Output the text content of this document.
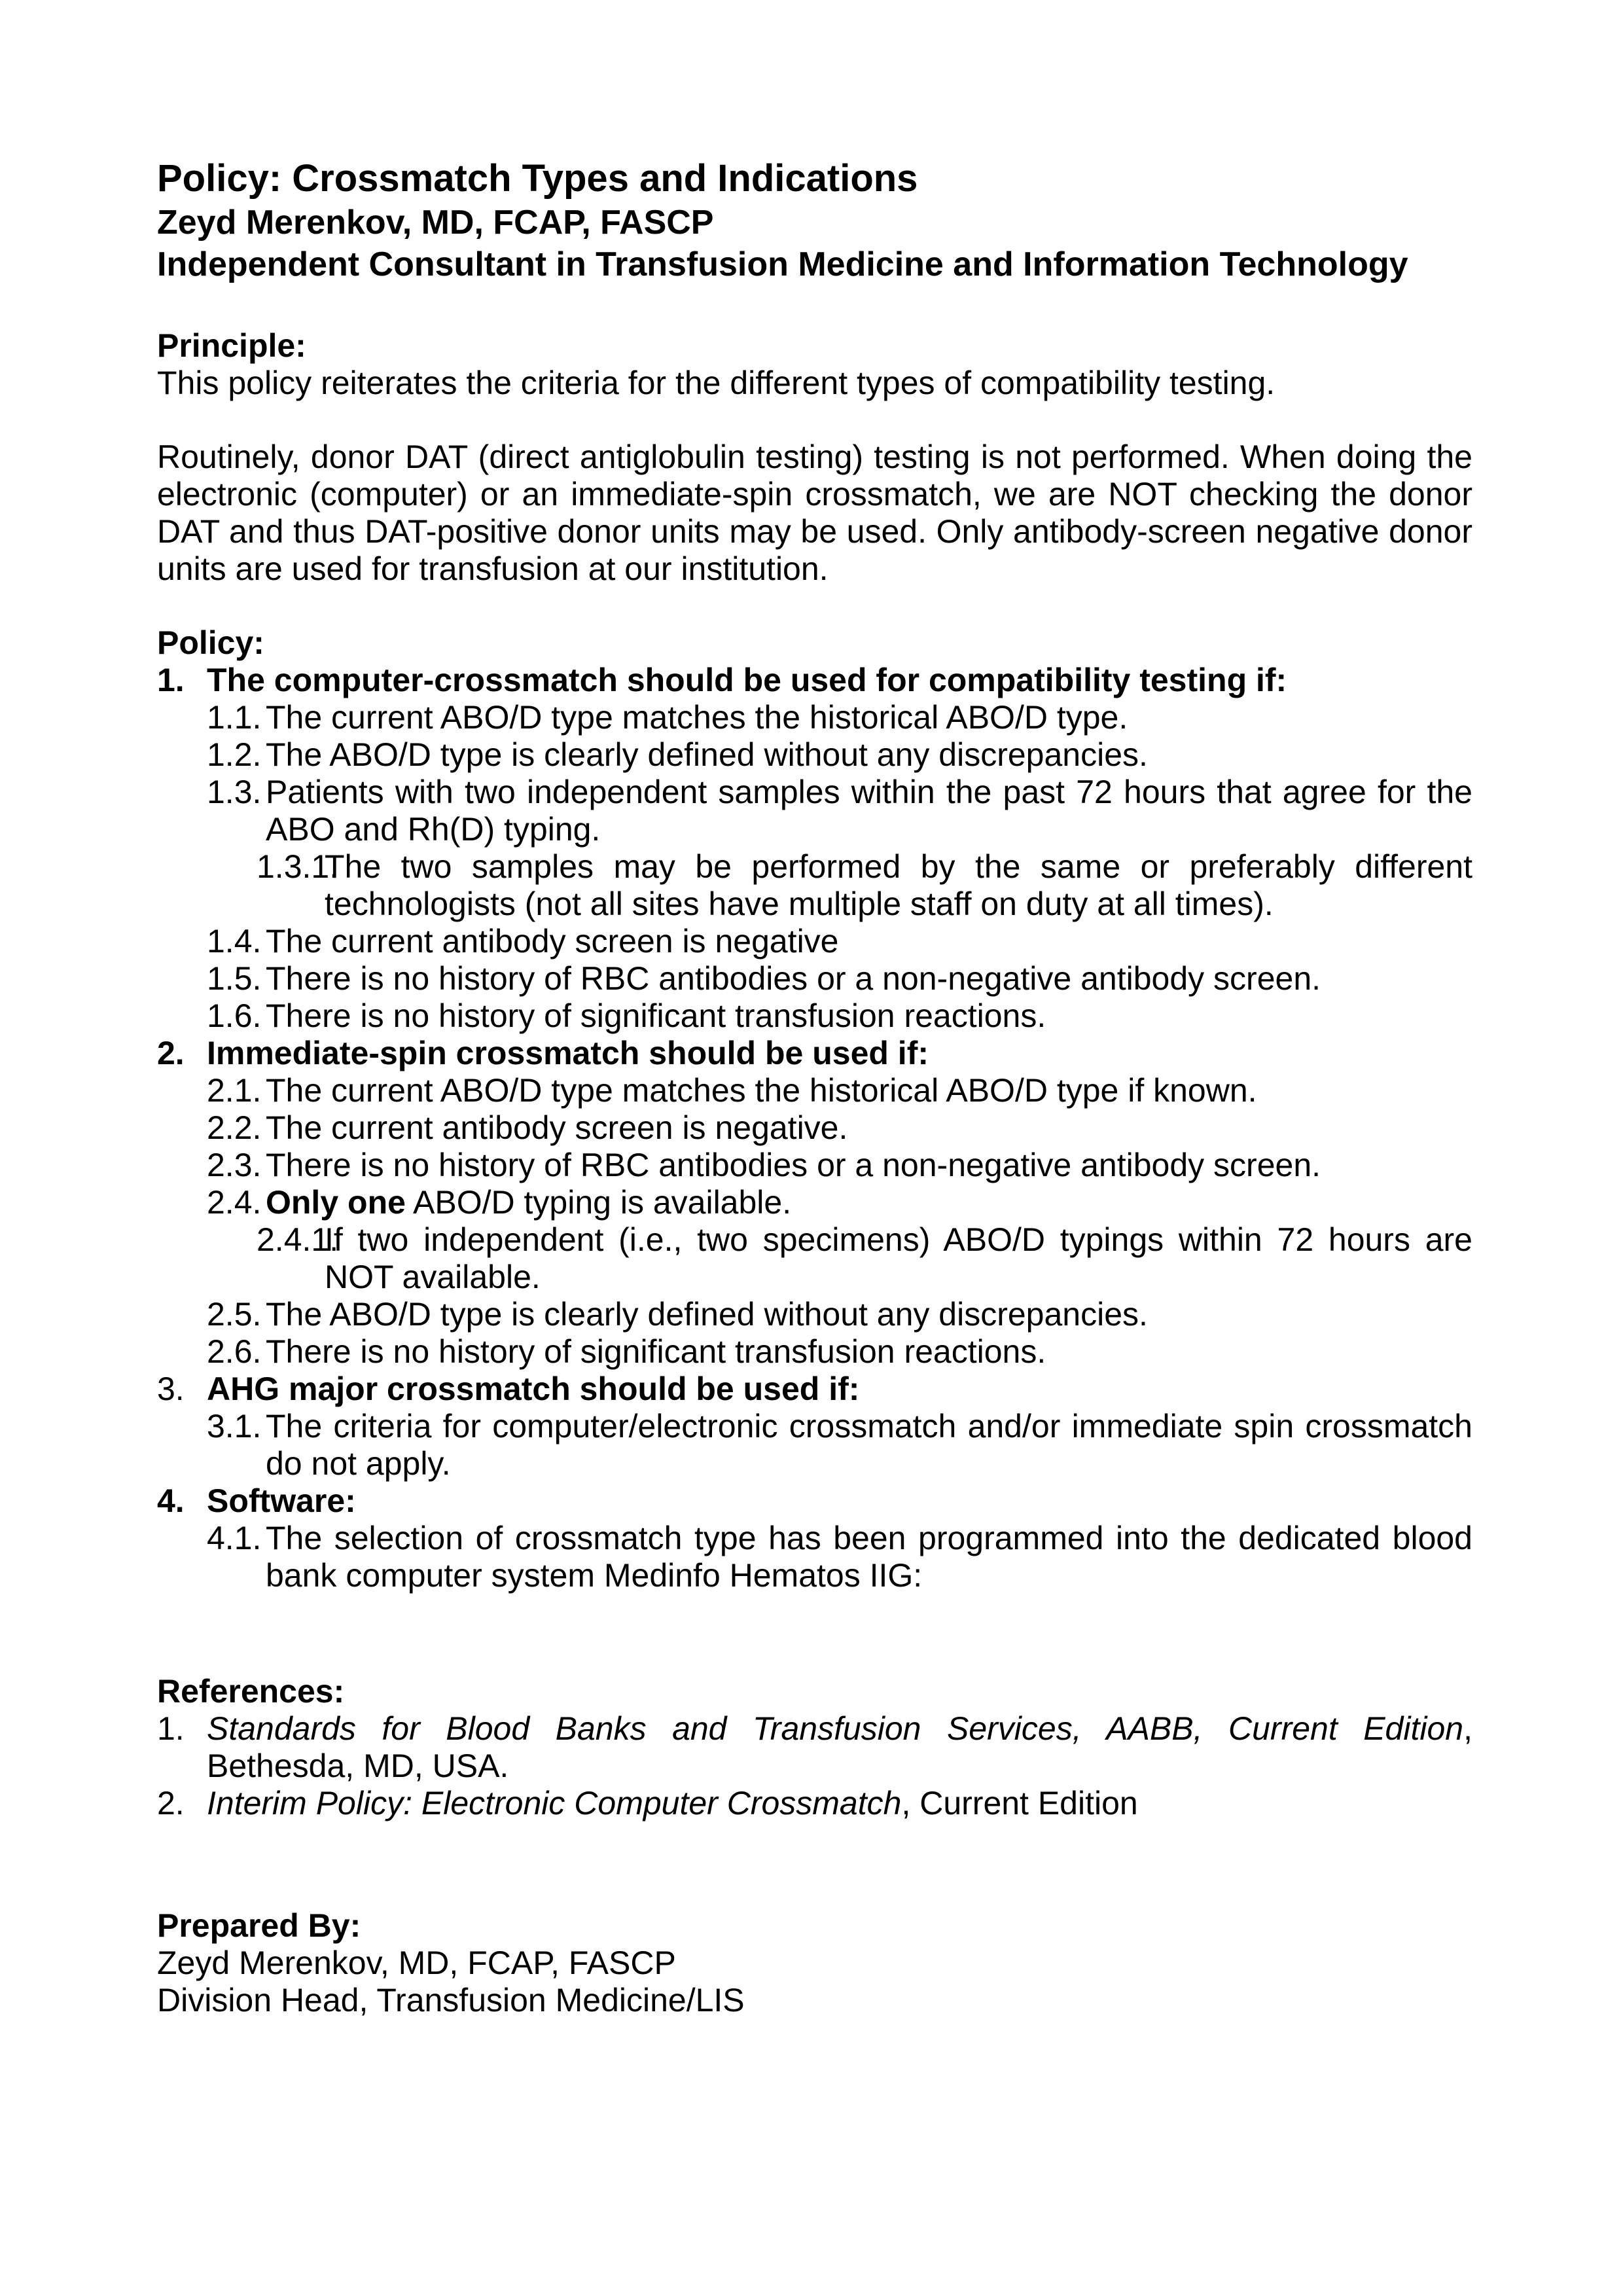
Policy: Crossmatch Types and Indications
Zeyd Merenkov, MD, FCAP, FASCP
Independent Consultant in Transfusion Medicine and Information Technology
Principle:
This policy reiterates the criteria for the different types of compatibility testing.
Routinely, donor DAT (direct antiglobulin testing) testing is not performed. When doing the electronic (computer) or an immediate-spin crossmatch, we are NOT checking the donor DAT and thus DAT-positive donor units may be used. Only antibody-screen negative donor units are used for transfusion at our institution.
Policy:
1. The computer-crossmatch should be used for compatibility testing if:
1.1. The current ABO/D type matches the historical ABO/D type.
1.2. The ABO/D type is clearly defined without any discrepancies.
1.3. Patients with two independent samples within the past 72 hours that agree for the ABO and Rh(D) typing.
1.3.1.
The two samples may be performed by the same or preferably different technologists (not all sites have multiple staff on duty at all times).
1.4. The current antibody screen is negative
1.5. There is no history of RBC antibodies or a non-negative antibody screen.
1.6. There is no history of significant transfusion reactions.
2. Immediate-spin crossmatch should be used if:
2.1. The current ABO/D type matches the historical ABO/D type if known.
2.2. The current antibody screen is negative.
2.3. There is no history of RBC antibodies or a non-negative antibody screen.
2.4. Only one ABO/D typing is available.
2.4.1.
If two independent (i.e., two specimens) ABO/D typings within 72 hours are NOT available.
2.5. The ABO/D type is clearly defined without any discrepancies.
2.6. There is no history of significant transfusion reactions.
3. AHG major crossmatch should be used if:
3.1. The criteria for computer/electronic crossmatch and/or immediate spin crossmatch do not apply.
4. Software:
4.1. The selection of crossmatch type has been programmed into the dedicated blood bank computer system Medinfo Hematos IIG:
References:
1. Standards for Blood Banks and Transfusion Services, AABB, Current Edition, Bethesda, MD, USA.
2. Interim Policy: Electronic Computer Crossmatch, Current Edition
Prepared By:
Zeyd Merenkov, MD, FCAP, FASCP
Division Head, Transfusion Medicine/LIS
